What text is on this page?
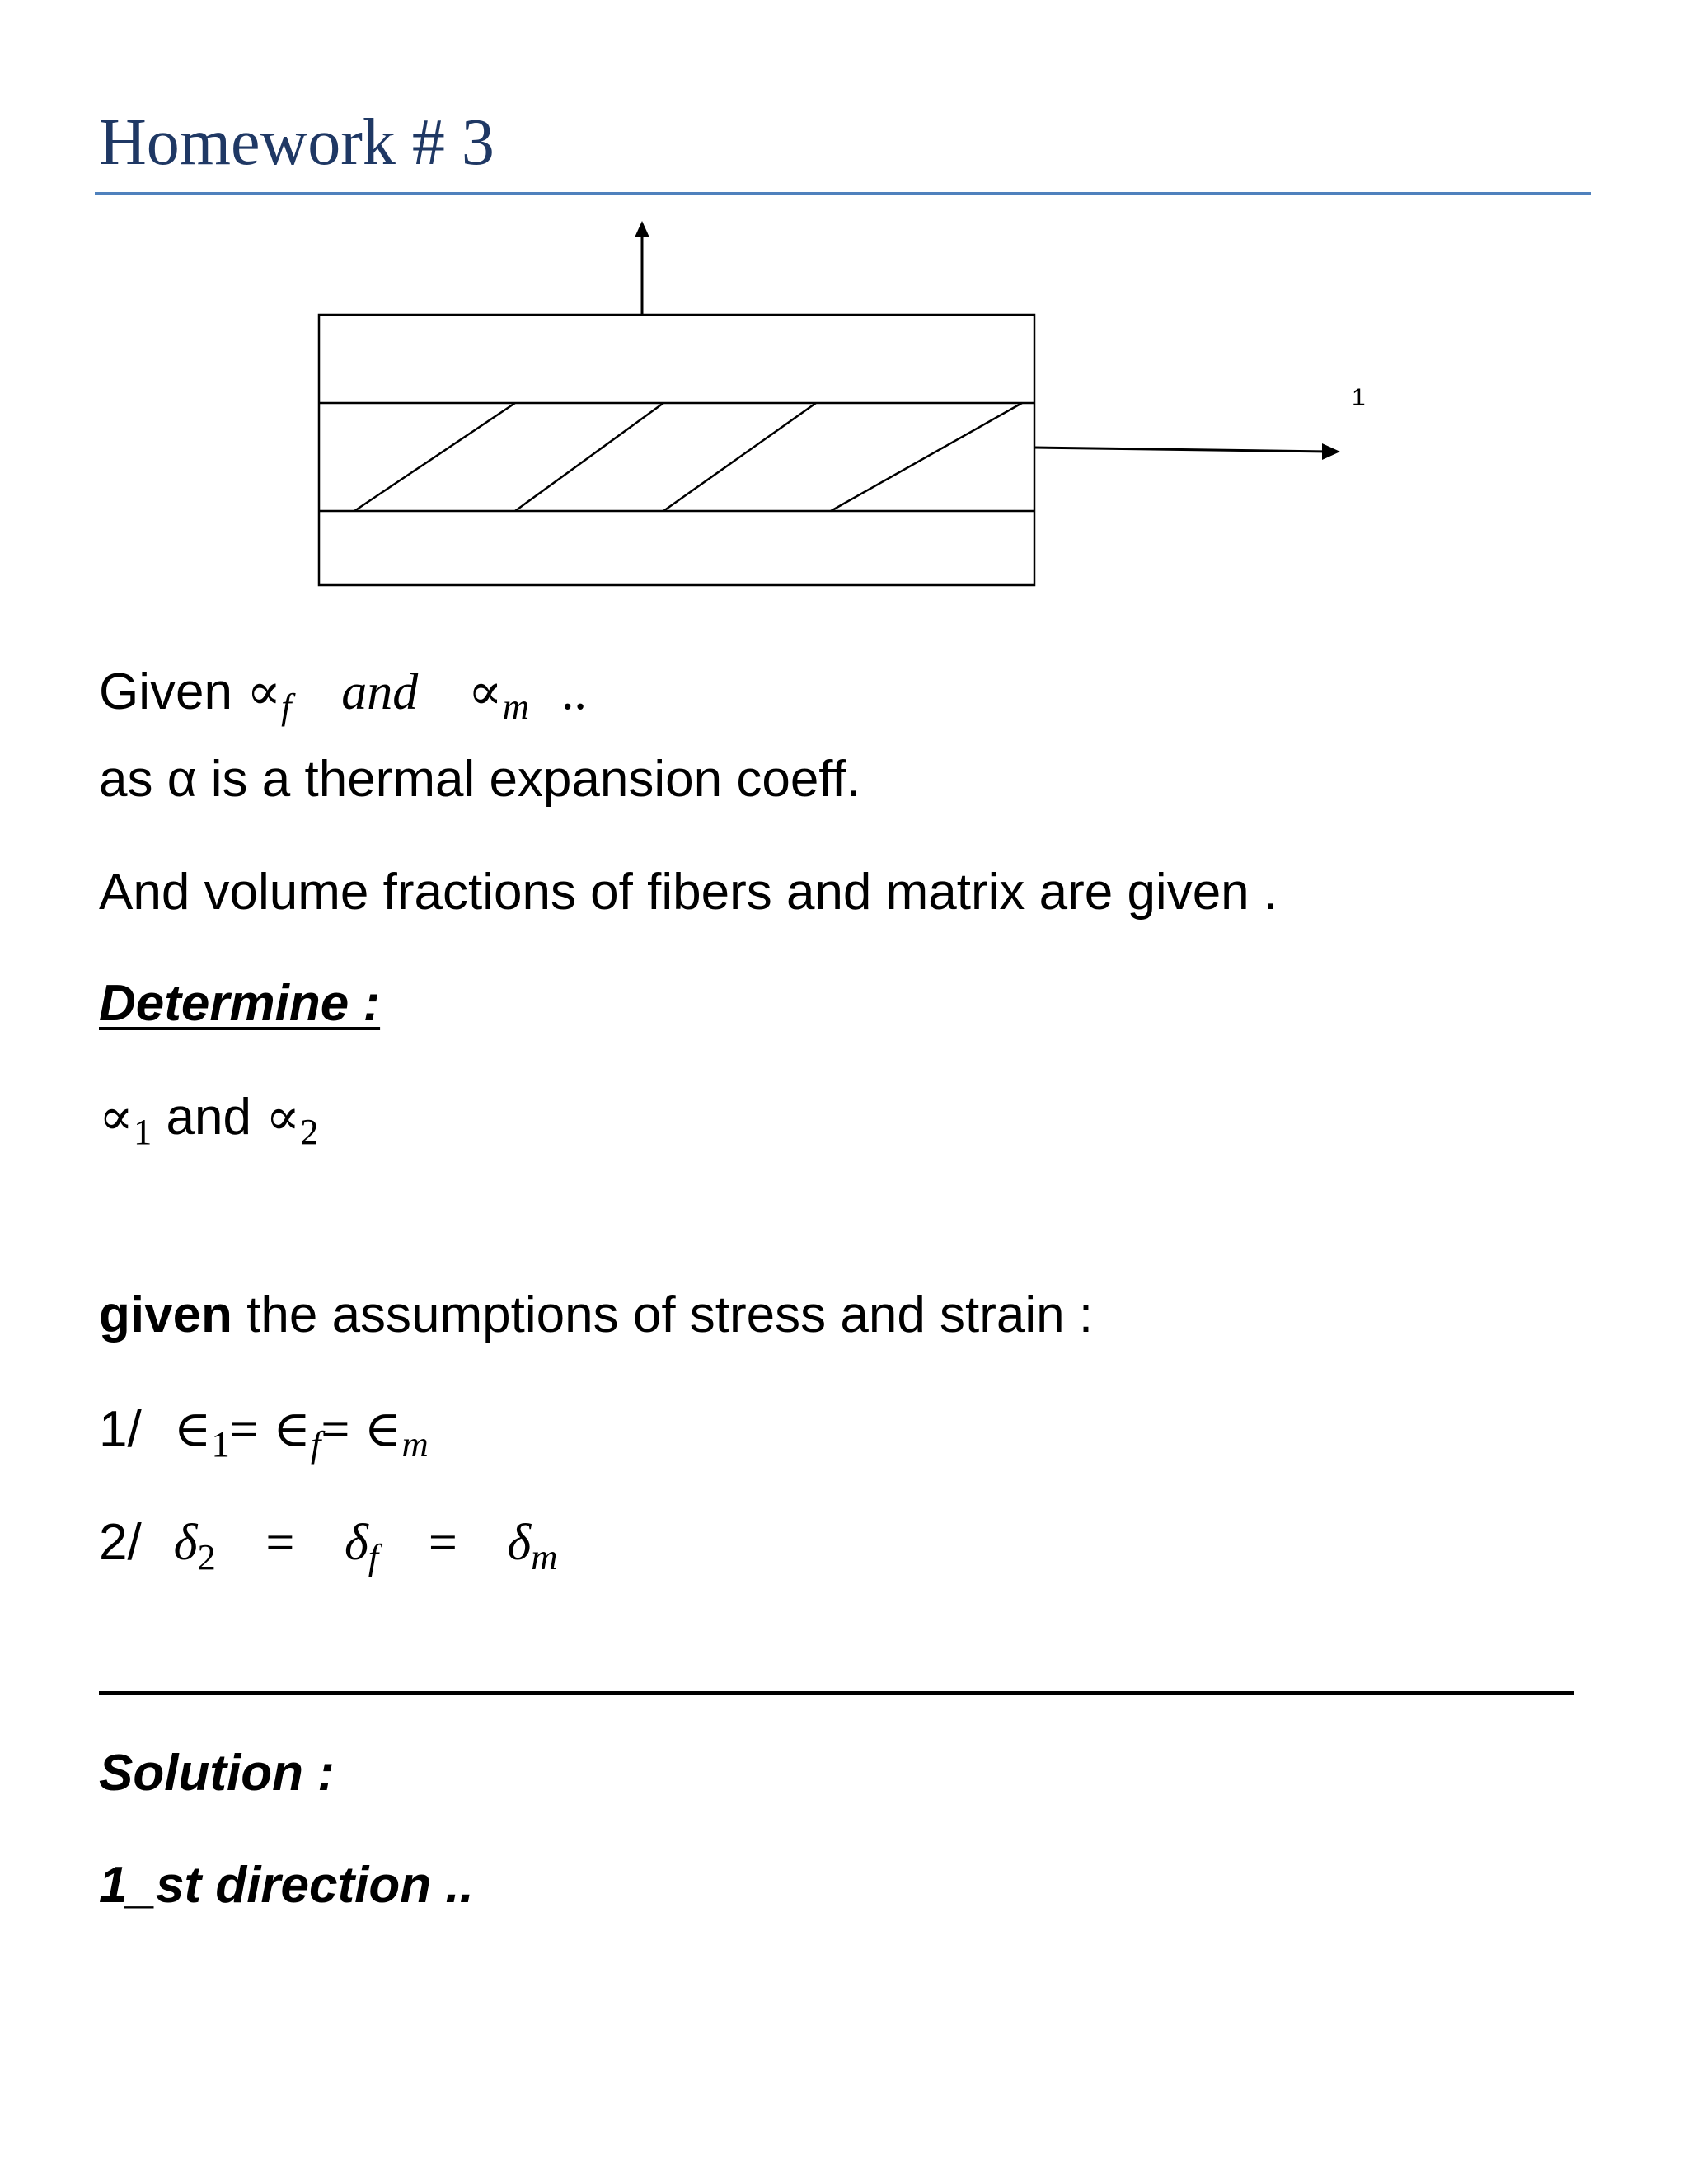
Homework # 3
1
Given $\propto_f$ and $\propto_m$ ..
as α is a thermal expansion coeff.
And volume fractions of fibers and matrix are given .
Determine :
$\propto_1$ and $\propto_2$
given the assumptions of stress and strain :
1/ $\in_1=$ $\in_f=$ $\in_m$
2/ $\delta_2 = \delta_f = \delta_m$
Solution :
1_st direction ..
